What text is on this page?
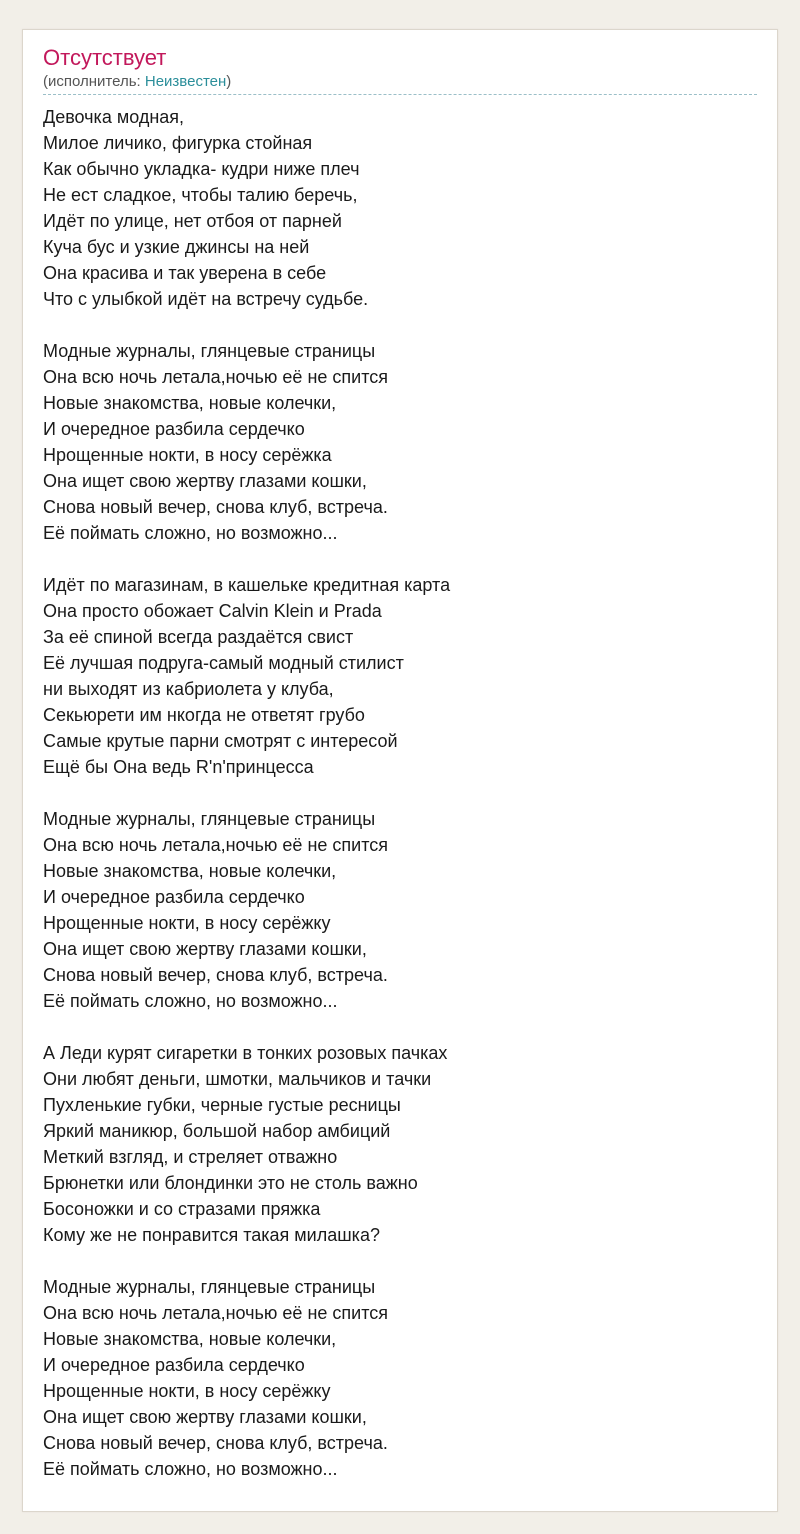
Отсутствует
(исполнитель: Неизвестен)
Девочка модная,
Милое личико, фигурка стойная
Как обычно укладка- кудри ниже плеч
Не ест сладкое, чтобы талию беречь,
Идёт по улице, нет отбоя от парней
Куча бус и узкие джинсы на ней
Она красива и так уверена в себе
Что с улыбкой идёт на встречу судьбе.
Модные журналы, глянцевые страницы
Она всю ночь летала,ночью её не спится
Новые знакомства, новые колечки,
И очередное разбила сердечко
Нрощенные нокти, в носу серёжка
Она ищет свою жертву глазами кошки,
Снова новый вечер, снова клуб, встреча.
Её поймать сложно, но возможно...
Идёт по магазинам, в кашельке кредитная карта
Она просто обожает Calvin Klein и Prada
За её спиной всегда раздаётся свист
Её лучшая подруга-самый модный стилист
ни выходят из кабриолета у клуба,
Секьюрети им нкогда не ответят грубо
Самые крутые парни смотрят с интересой
Ещё бы Она ведь R'n'принцесса
Модные журналы, глянцевые страницы
Она всю ночь летала,ночью её не спится
Новые знакомства, новые колечки,
И очередное разбила сердечко
Нрощенные нокти, в носу серёжку
Она ищет свою жертву глазами кошки,
Снова новый вечер, снова клуб, встреча.
Её поймать сложно, но возможно...
А Леди курят сигаретки в тонких розовых пачках
Они любят деньги, шмотки, мальчиков и тачки
Пухленькие губки, черные густые ресницы
Яркий маникюр, большой набор амбиций
Меткий взгляд, и стреляет отважно
Брюнетки или блондинки это не столь важно
Босоножки и со стразами пряжка
Кому же не понравится такая милашка?
Модные журналы, глянцевые страницы
Она всю ночь летала,ночью её не спится
Новые знакомства, новые колечки,
И очередное разбила сердечко
Нрощенные нокти, в носу серёжку
Она ищет свою жертву глазами кошки,
Снова новый вечер, снова клуб, встреча.
Её поймать сложно, но возможно...
